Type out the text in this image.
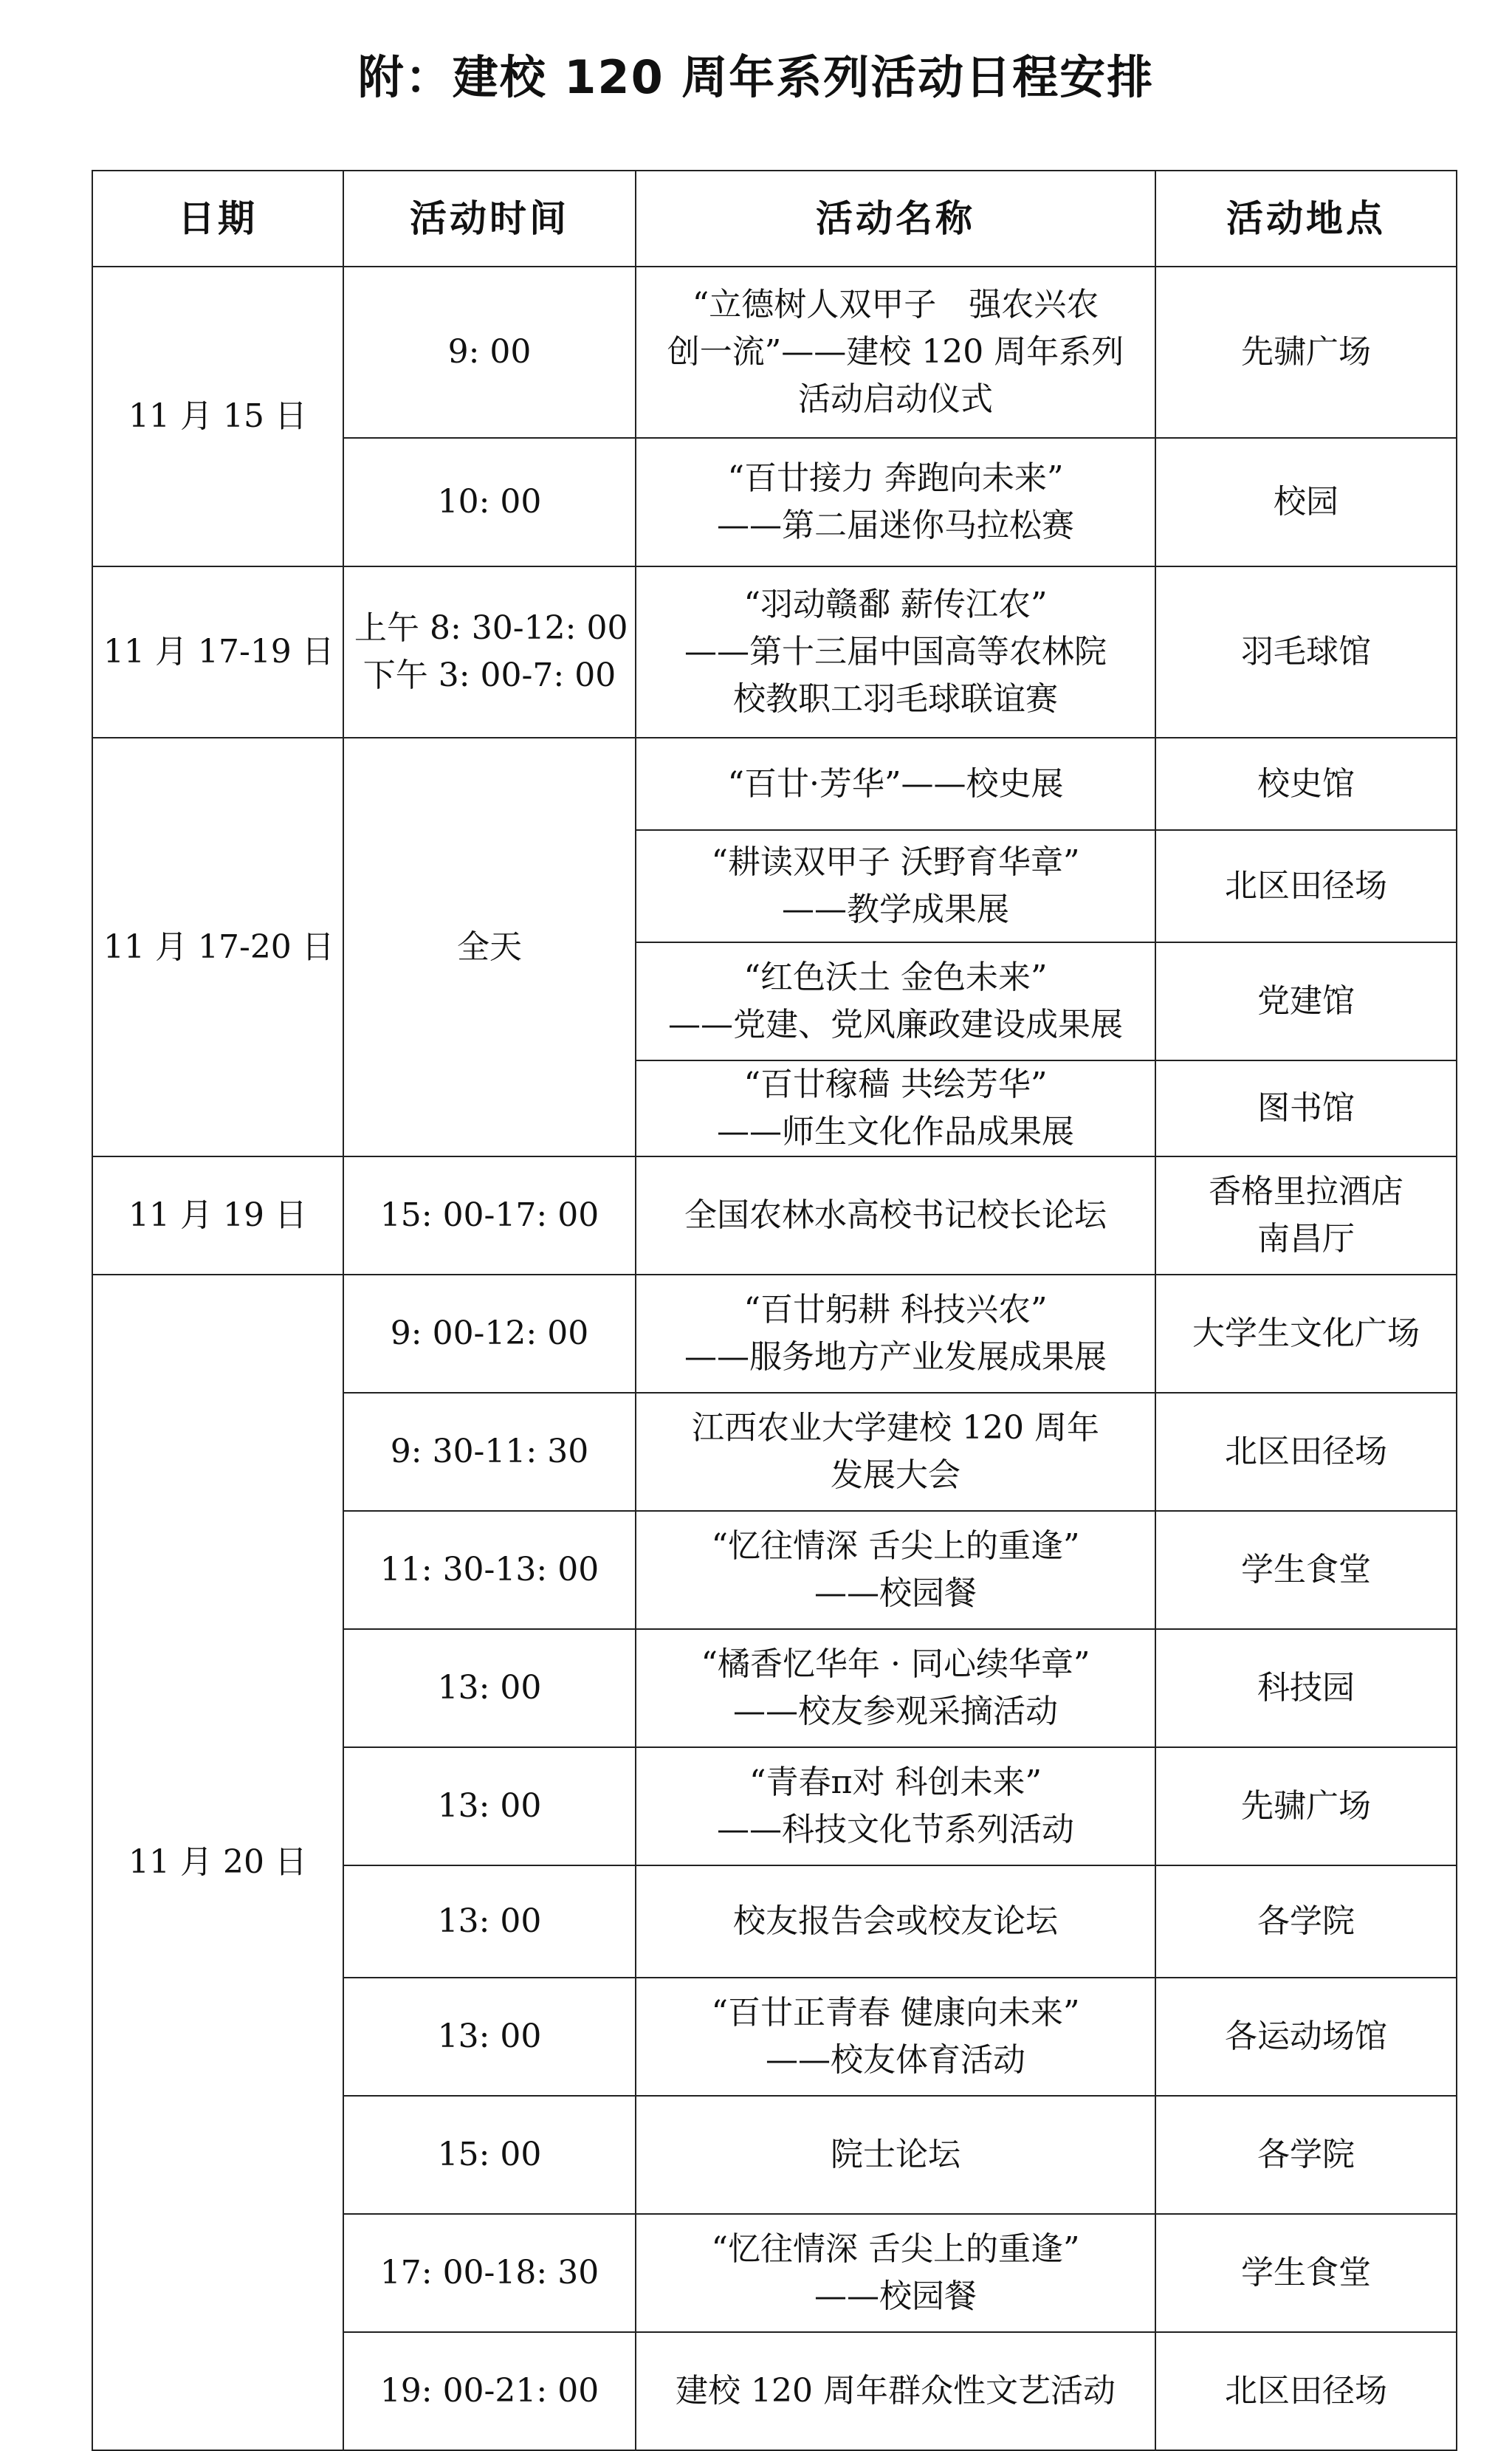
附：建校 120 周年系列活动日程安排
日期	活动时间	活动名称	活动地点

11 月 15 日	9: 00	“立德树人双甲子　强农兴农
创一流”——建校 120 周年系列
活动启动仪式	先骕广场

	10: 00	“百廿接力 奔跑向未来”
——第二届迷你马拉松赛	校园

11 月 17-19 日	上午 8: 30-12: 00
下午 3: 00-7: 00	“羽动赣鄱 薪传江农”
——第十三届中国高等农林院
校教职工羽毛球联谊赛	羽毛球馆

11 月 17-20 日	全天	“百廿·芳华”——校史展	校史馆

		“耕读双甲子 沃野育华章”
——教学成果展	北区田径场

		“红色沃土 金色未来”
——党建、党风廉政建设成果展	党建馆

		“百廿稼穑 共绘芳华”
——师生文化作品成果展	图书馆

11 月 19 日	15: 00-17: 00	全国农林水高校书记校长论坛	香格里拉酒店
南昌厅

11 月 20 日	9: 00-12: 00	“百廿躬耕 科技兴农”
——服务地方产业发展成果展	大学生文化广场

	9: 30-11: 30	江西农业大学建校 120 周年
发展大会	北区田径场

	11: 30-13: 00	“忆往情深 舌尖上的重逢”
——校园餐	学生食堂

	13: 00	“橘香忆华年 · 同心续华章”
——校友参观采摘活动	科技园

	13: 00	“青春π对 科创未来”
——科技文化节系列活动	先骕广场

	13: 00	校友报告会或校友论坛	各学院

	13: 00	“百廿正青春 健康向未来”
——校友体育活动	各运动场馆

	15: 00	院士论坛	各学院

	17: 00-18: 30	“忆往情深 舌尖上的重逢”
——校园餐	学生食堂

	19: 00-21: 00	建校 120 周年群众性文艺活动	北区田径场
